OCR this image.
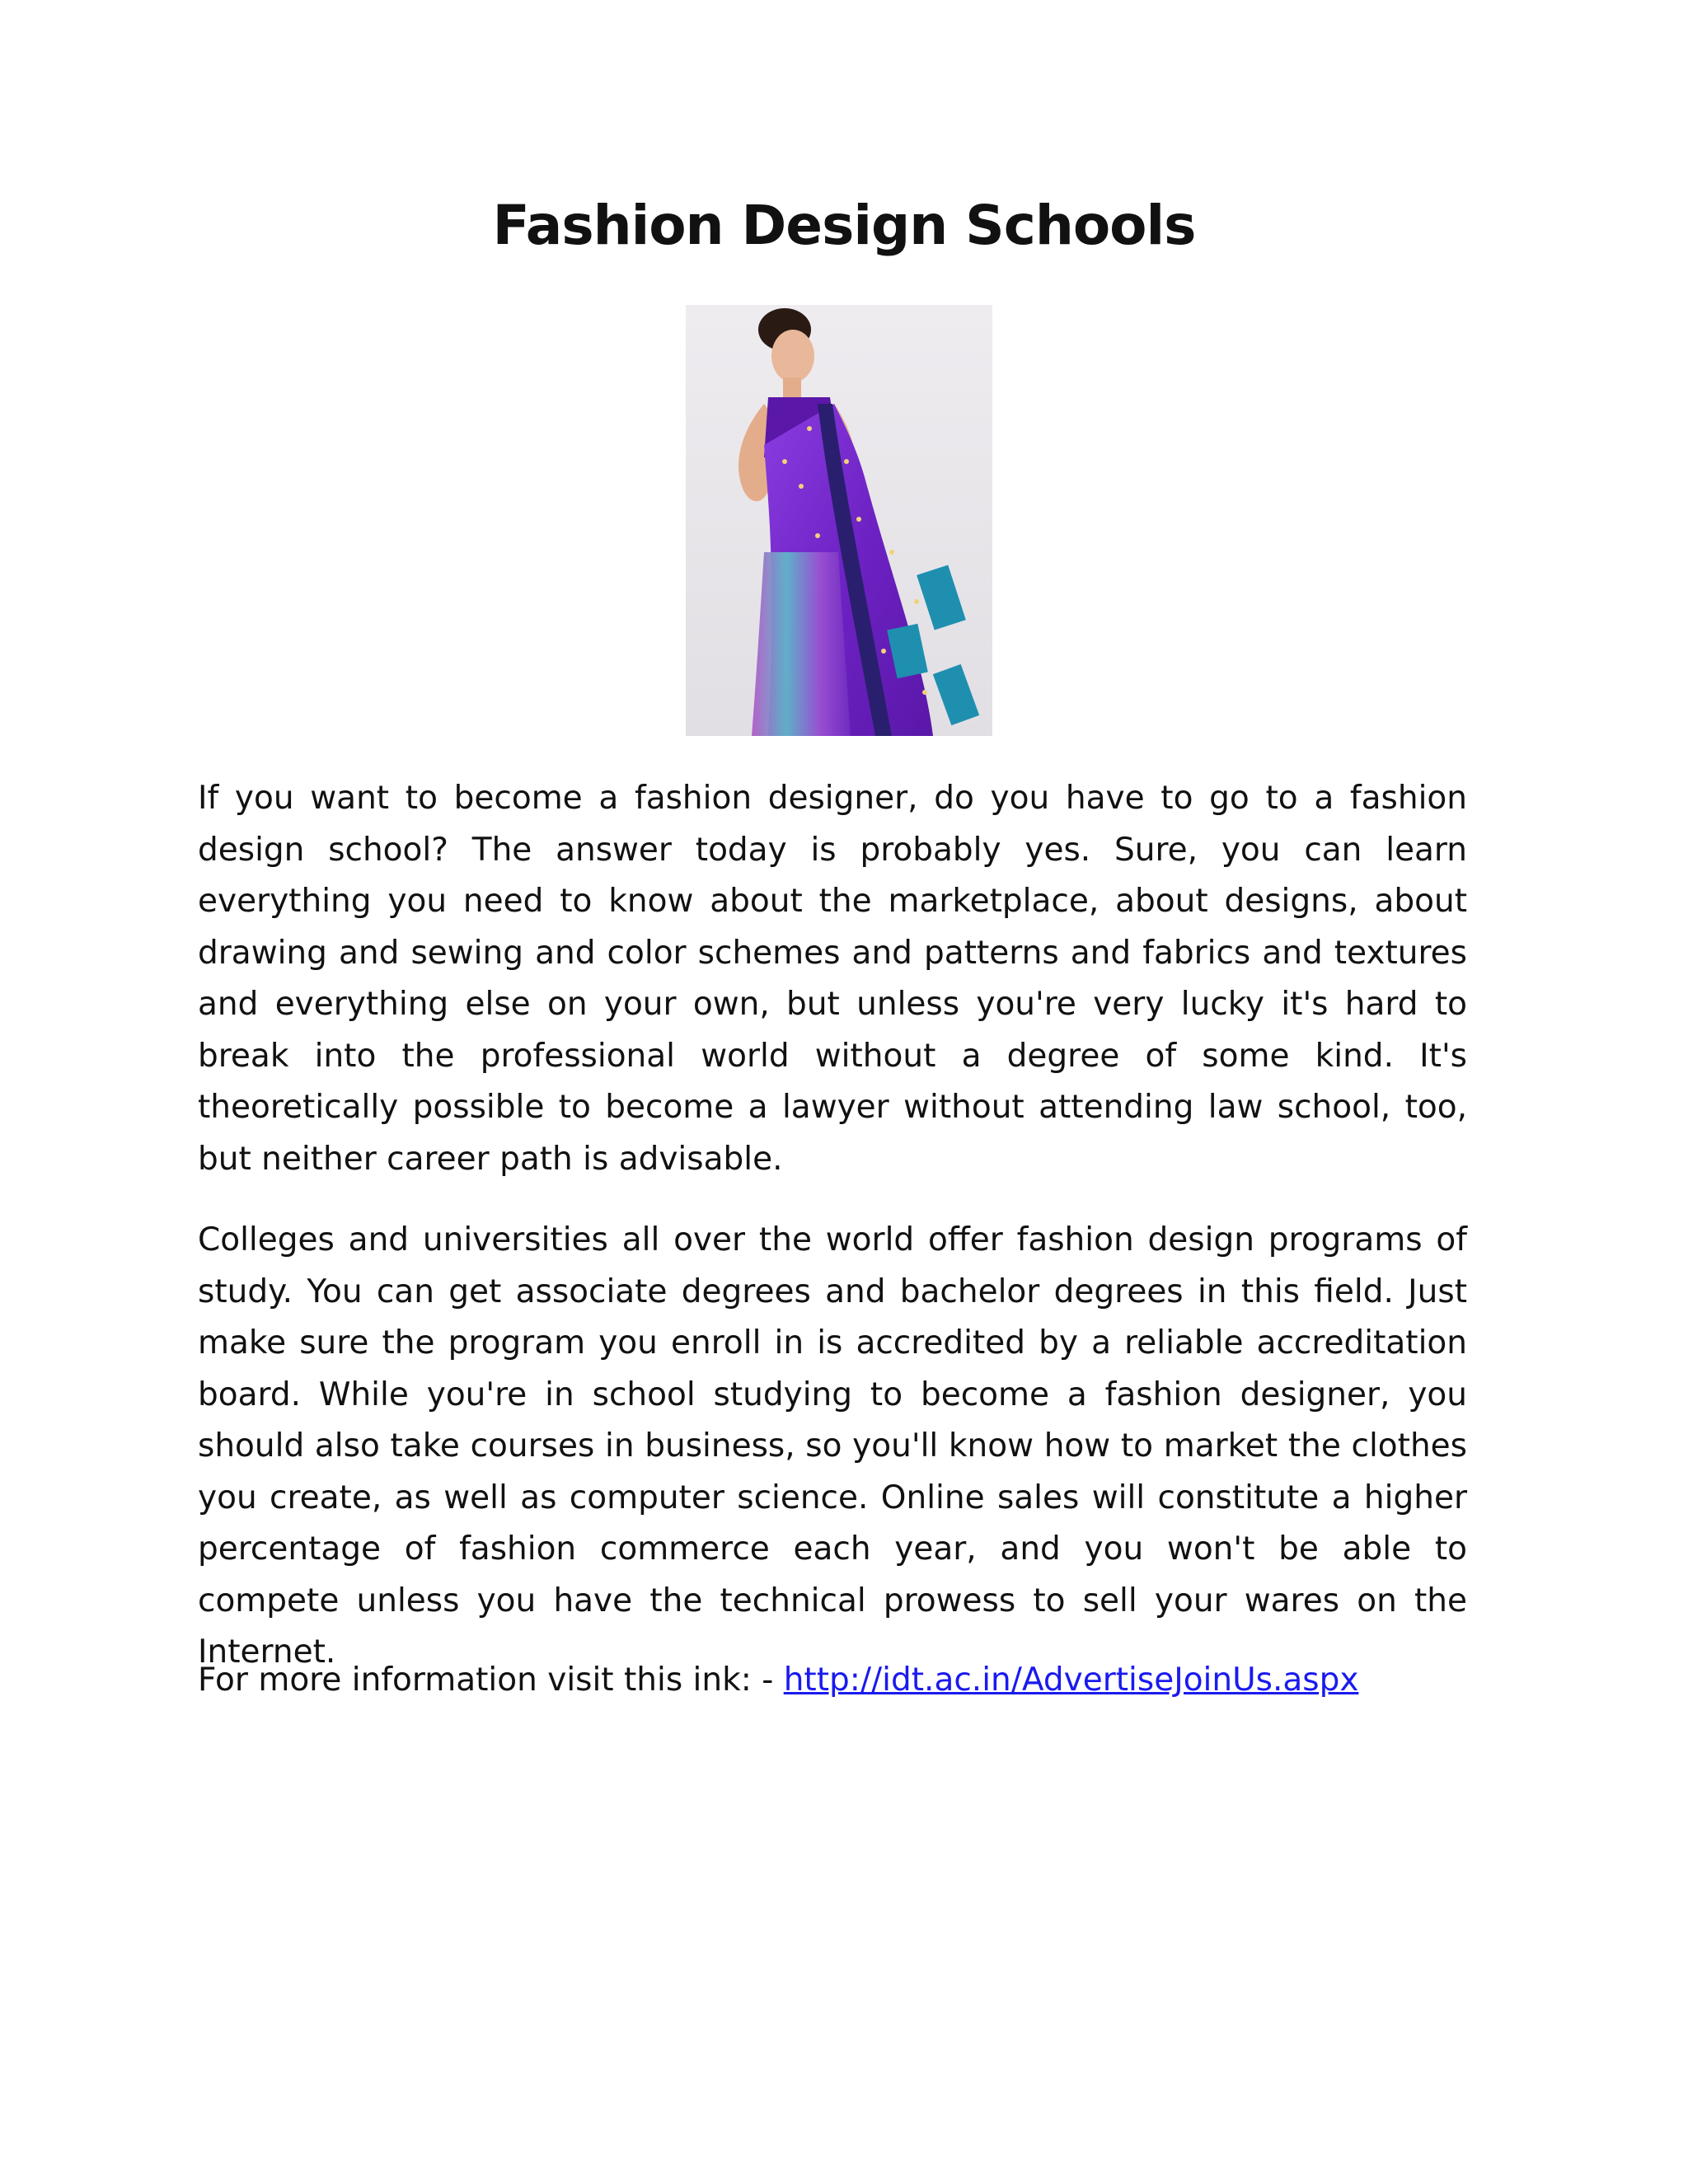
Fashion Design Schools
If you want to become a fashion designer, do you have to go to a fashion design school? The answer today is probably yes. Sure, you can learn everything you need to know about the marketplace, about designs, about drawing and sewing and color schemes and patterns and fabrics and textures and everything else on your own, but unless you're very lucky it's hard to break into the professional world without a degree of some kind. It's theoretically possible to become a lawyer without attending law school, too, but neither career path is advisable.
Colleges and universities all over the world offer fashion design programs of study. You can get associate degrees and bachelor degrees in this field. Just make sure the program you enroll in is accredited by a reliable accreditation board. While you're in school studying to become a fashion designer, you should also take courses in business, so you'll know how to market the clothes you create, as well as computer science. Online sales will constitute a higher percentage of fashion commerce each year, and you won't be able to compete unless you have the technical prowess to sell your wares on the Internet.
For more information visit this ink: - http://idt.ac.in/AdvertiseJoinUs.aspx
